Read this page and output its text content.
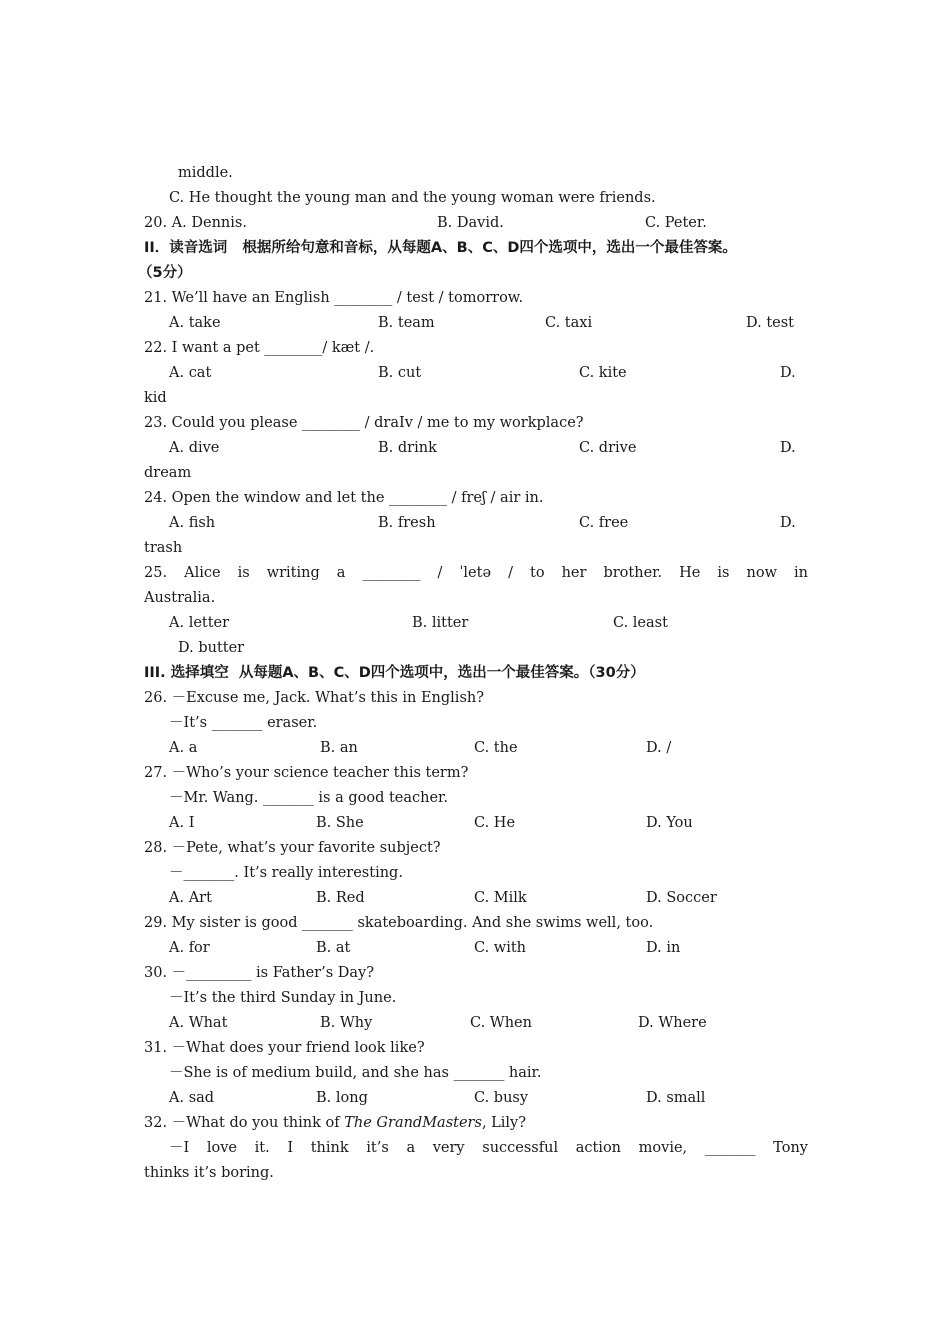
middle.
C. He thought the young man and the young woman were friends.

20. A. Dennis.

	B. David.

	C. Peter.

II．读音选词   根据所给句意和音标，从每题A、B、C、D四个选项中，选出一个最佳答案。
（5分）
21. We’ll have an English ________ / test / tomorrow.

A. take

	B. team

	C. taxi

	D. test

22. I want a pet ________/ kæt /.

A. cat

	B. cut

	C. kite

	D.

kid
23. Could you please ________ / draIv / me to my workplace?

A. dive

	B. drink

	C. drive

	D.

dream
24. Open the window and let the ________ / freʃ / air in.

A. fish

	B. fresh

	C. free

	D.

trash
25. Alice is writing a ________ / ˈletə / to her brother. He is now in
Australia.

A. letter

	B. litter

	C. least

D. butter
III. 选择填空  从每题A、B、C、D四个选项中，选出一个最佳答案。（30分）
26. －Excuse me, Jack. What’s this in English?
－It’s _______ eraser.

A. a

	B. an

	C. the

	D. /

27. －Who’s your science teacher this term?
－Mr. Wang. _______ is a good teacher.

A. I

	B. She

	C. He

	D. You

28. －Pete, what’s your favorite subject?
－_______. It’s really interesting.

A. Art

	B. Red

	C. Milk

	D. Soccer

29. My sister is good _______ skateboarding. And she swims well, too.

A. for

	B. at

	C. with

	D. in

30. －_________ is Father’s Day?
－It’s the third Sunday in June.

A. What

	B. Why

	C. When

	D. Where

31. －What does your friend look like?
－She is of medium build, and she has _______ hair.

A. sad

	B. long

	C. busy

	D. small

32. －What do you think of The GrandMasters, Lily?
－I love it. I think it’s a very successful action movie, _______ Tony
thinks it’s boring.
